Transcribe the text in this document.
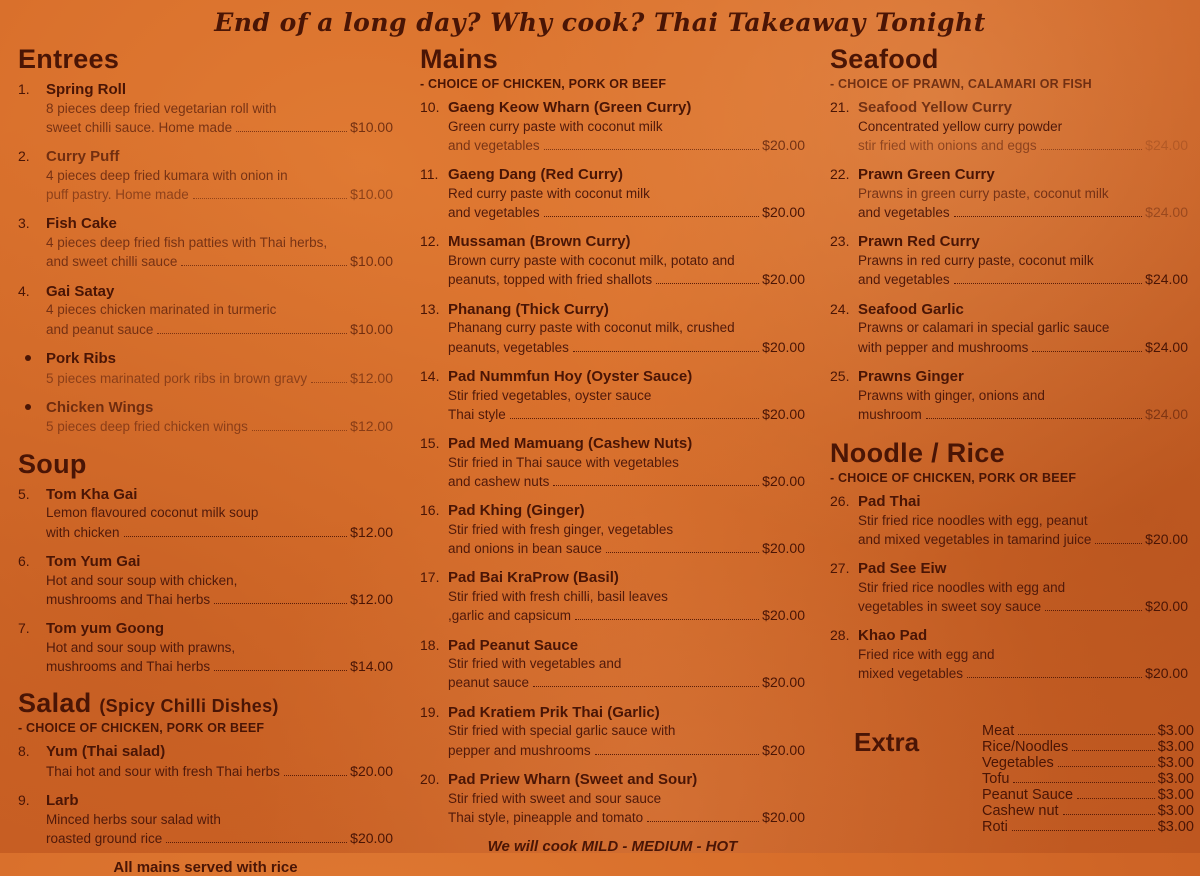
End of a long day? Why cook? Thai Takeaway Tonight
Entrees
1.	Spring Roll
8 pieces deep fried vegetarian roll with
sweet chilli sauce. Home made	$10.00
2.	Curry Puff
4 pieces deep fried kumara with onion in
puff pastry. Home made	$10.00
3.	Fish Cake
4 pieces deep fried fish patties with Thai herbs,
and sweet chilli sauce	$10.00
4.	Gai Satay
4 pieces chicken marinated in turmeric
and peanut sauce	$10.00
Pork Ribs
5 pieces marinated pork ribs in brown gravy	$12.00
Chicken Wings
5 pieces deep fried chicken wings	$12.00
Soup
5.	Tom Kha Gai
Lemon flavoured coconut milk soup
with chicken	$12.00
6.	Tom Yum Gai
Hot and sour soup with chicken,
mushrooms and Thai herbs	$12.00
7.	Tom yum Goong
Hot and sour soup with prawns,
mushrooms and Thai herbs	$14.00
Salad (Spicy Chilli Dishes)
- CHOICE OF CHICKEN, PORK OR BEEF
8.	Yum (Thai salad)
Thai hot and sour with fresh Thai herbs	$20.00
9.	Larb
Minced herbs sour salad with
roasted ground rice	$20.00
All mains served with rice
Mains
- CHOICE OF CHICKEN, PORK OR BEEF
10. Gaeng Keow Wharn (Green Curry)
Green curry paste with coconut milk
and vegetables	$20.00
11. Gaeng Dang (Red Curry)
Red curry paste with coconut milk
and vegetables	$20.00
12. Mussaman (Brown Curry)
Brown curry paste with coconut milk, potato and
peanuts, topped with fried shallots	$20.00
13. Phanang (Thick Curry)
Phanang curry paste with coconut milk, crushed
peanuts, vegetables	$20.00
14. Pad Nummfun Hoy (Oyster Sauce)
Stir fried vegetables, oyster sauce
Thai style	$20.00
15. Pad Med Mamuang (Cashew Nuts)
Stir fried in Thai sauce with vegetables
and cashew nuts	$20.00
16. Pad Khing (Ginger)
Stir fried with fresh ginger, vegetables
and onions in bean sauce	$20.00
17. Pad Bai KraProw (Basil)
Stir fried with fresh chilli, basil leaves
,garlic and capsicum	$20.00
18. Pad Peanut Sauce
Stir fried with vegetables and
peanut sauce	$20.00
19. Pad Kratiem Prik Thai (Garlic)
Stir fried with special garlic sauce with
pepper and mushrooms	$20.00
20. Pad Priew Wharn (Sweet and Sour)
Stir fried with sweet and sour sauce
Thai style, pineapple and tomato	$20.00
We will cook MILD - MEDIUM - HOT
Seafood
- CHOICE OF PRAWN, CALAMARI OR FISH
21. Seafood Yellow Curry
Concentrated yellow curry powder
stir fried with onions and eggs	$24.00
22. Prawn Green Curry
Prawns in green curry paste, coconut milk
and vegetables	$24.00
23. Prawn Red Curry
Prawns in red curry paste, coconut milk
and vegetables	$24.00
24. Seafood Garlic
Prawns or calamari in special garlic sauce
with pepper and mushrooms	$24.00
25. Prawns Ginger
Prawns with ginger, onions and
mushroom	$24.00
Noodle / Rice
- CHOICE OF CHICKEN, PORK OR BEEF
26. Pad Thai
Stir fried rice noodles with egg, peanut
and mixed vegetables in tamarind juice	$20.00
27. Pad See Eiw
Stir fried rice noodles with egg and
vegetables in sweet soy sauce	$20.00
28. Khao Pad
Fried rice with egg and
mixed vegetables	$20.00
Extra	Meat	$3.00
Rice/Noodles	$3.00
Vegetables	$3.00
Tofu	$3.00
Peanut Sauce	$3.00
Cashew nut	$3.00
Roti	$3.00
